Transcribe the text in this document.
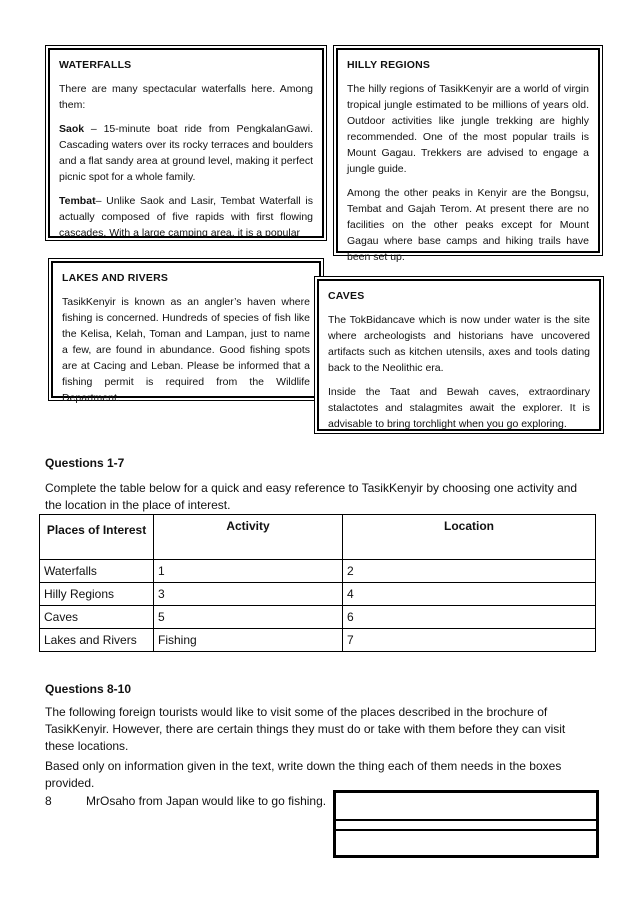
WATERFALLS

There are many spectacular waterfalls here. Among them:

Saok – 15-minute boat ride from PengkalanGawi. Cascading waters over its rocky terraces and boulders and a flat sandy area at ground level, making it perfect picnic spot for a whole family.

Tembat– Unlike Saok and Lasir, Tembat Waterfall is actually composed of five rapids with first flowing cascades. With a large camping area, it is a popular

HILLY REGIONS

The hilly regions of TasikKenyir are a world of virgin tropical jungle estimated to be millions of years old. Outdoor activities like jungle trekking are highly recommended. One of the most popular trails is Mount Gagau. Trekkers are advised to engage a jungle guide.

Among the other peaks in Kenyir are the Bongsu, Tembat and Gajah Terom. At present there are no facilities on the other peaks except for Mount Gagau where base camps and hiking trails have been set up.

LAKES AND RIVERS

TasikKenyir is known as an angler’s haven where fishing is concerned. Hundreds of species of fish like the Kelisa, Kelah, Toman and Lampan, just to name a few, are found in abundance. Good fishing spots are at Cacing and Leban. Please be informed that a fishing permit is required from the Wildlife Department.

CAVES

The TokBidancave which is now under water is the site where archeologists and historians have uncovered artifacts such as kitchen utensils, axes and tools dating back to the Neolithic era.

Inside the Taat and Bewah caves, extraordinary stalactotes and stalagmites await the explorer. It is advisable to bring torchlight when you go exploring.

Questions 1-7
Complete the table below for a quick and easy reference to TasikKenyir by choosing one activity and the location in the place of interest.
Places of Interest	Activity	Location
Waterfalls	1	2
Hilly Regions	3	4
Caves	5	6
Lakes and Rivers	Fishing	7
Questions 8-10
The following foreign tourists would like to visit some of the places described in the brochure of TasikKenyir. However, there are certain things they must do or take with them before they can visit these locations.
Based only on information given in the text, write down the thing each of them needs in the boxes provided.
8	MrOsaho from Japan would like to go fishing.
